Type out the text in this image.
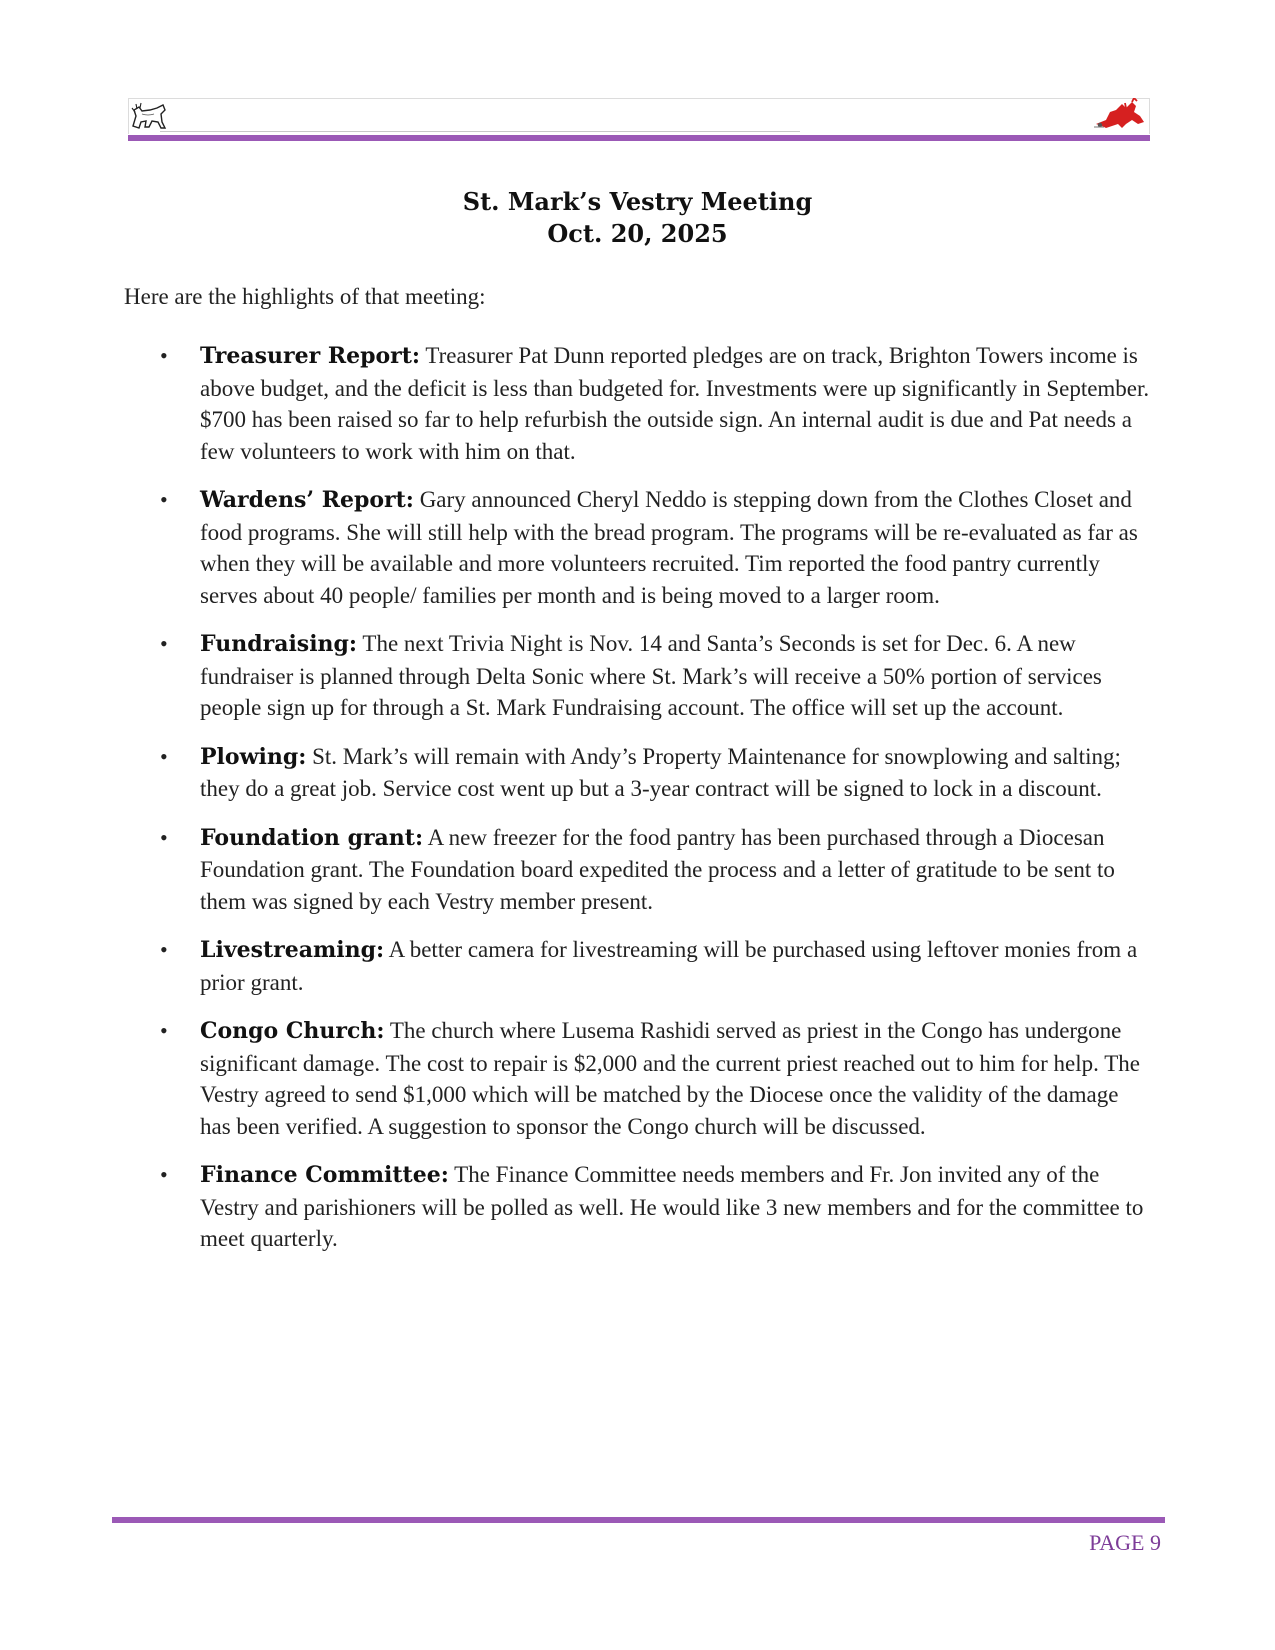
St. Mark’s Vestry Meeting
Oct. 20, 2025
Here are the highlights of that meeting:
• Treasurer Report: Treasurer Pat Dunn reported pledges are on track, Brighton Towers income is above budget, and the deficit is less than budgeted for. Investments were up significantly in September. $700 has been raised so far to help refurbish the outside sign. An internal audit is due and Pat needs a few volunteers to work with him on that.
• Wardens’ Report: Gary announced Cheryl Neddo is stepping down from the Clothes Closet and food programs. She will still help with the bread program. The programs will be re-evaluated as far as when they will be available and more volunteers recruited. Tim reported the food pantry currently serves about 40 people/ families per month and is being moved to a larger room.
• Fundraising: The next Trivia Night is Nov. 14 and Santa’s Seconds is set for Dec. 6. A new fundraiser is planned through Delta Sonic where St. Mark’s will receive a 50% portion of services people sign up for through a St. Mark Fundraising account. The office will set up the account.
• Plowing: St. Mark’s will remain with Andy’s Property Maintenance for snowplowing and salting; they do a great job. Service cost went up but a 3-year contract will be signed to lock in a discount.
• Foundation grant: A new freezer for the food pantry has been purchased through a Diocesan Foundation grant. The Foundation board expedited the process and a letter of gratitude to be sent to them was signed by each Vestry member present.
• Livestreaming: A better camera for livestreaming will be purchased using leftover monies from a prior grant.
• Congo Church: The church where Lusema Rashidi served as priest in the Congo has undergone significant damage. The cost to repair is $2,000 and the current priest reached out to him for help. The Vestry agreed to send $1,000 which will be matched by the Diocese once the validity of the damage has been verified. A suggestion to sponsor the Congo church will be discussed.
• Finance Committee: The Finance Committee needs members and Fr. Jon invited any of the Vestry and parishioners will be polled as well. He would like 3 new members and for the committee to meet quarterly.
PAGE 9
